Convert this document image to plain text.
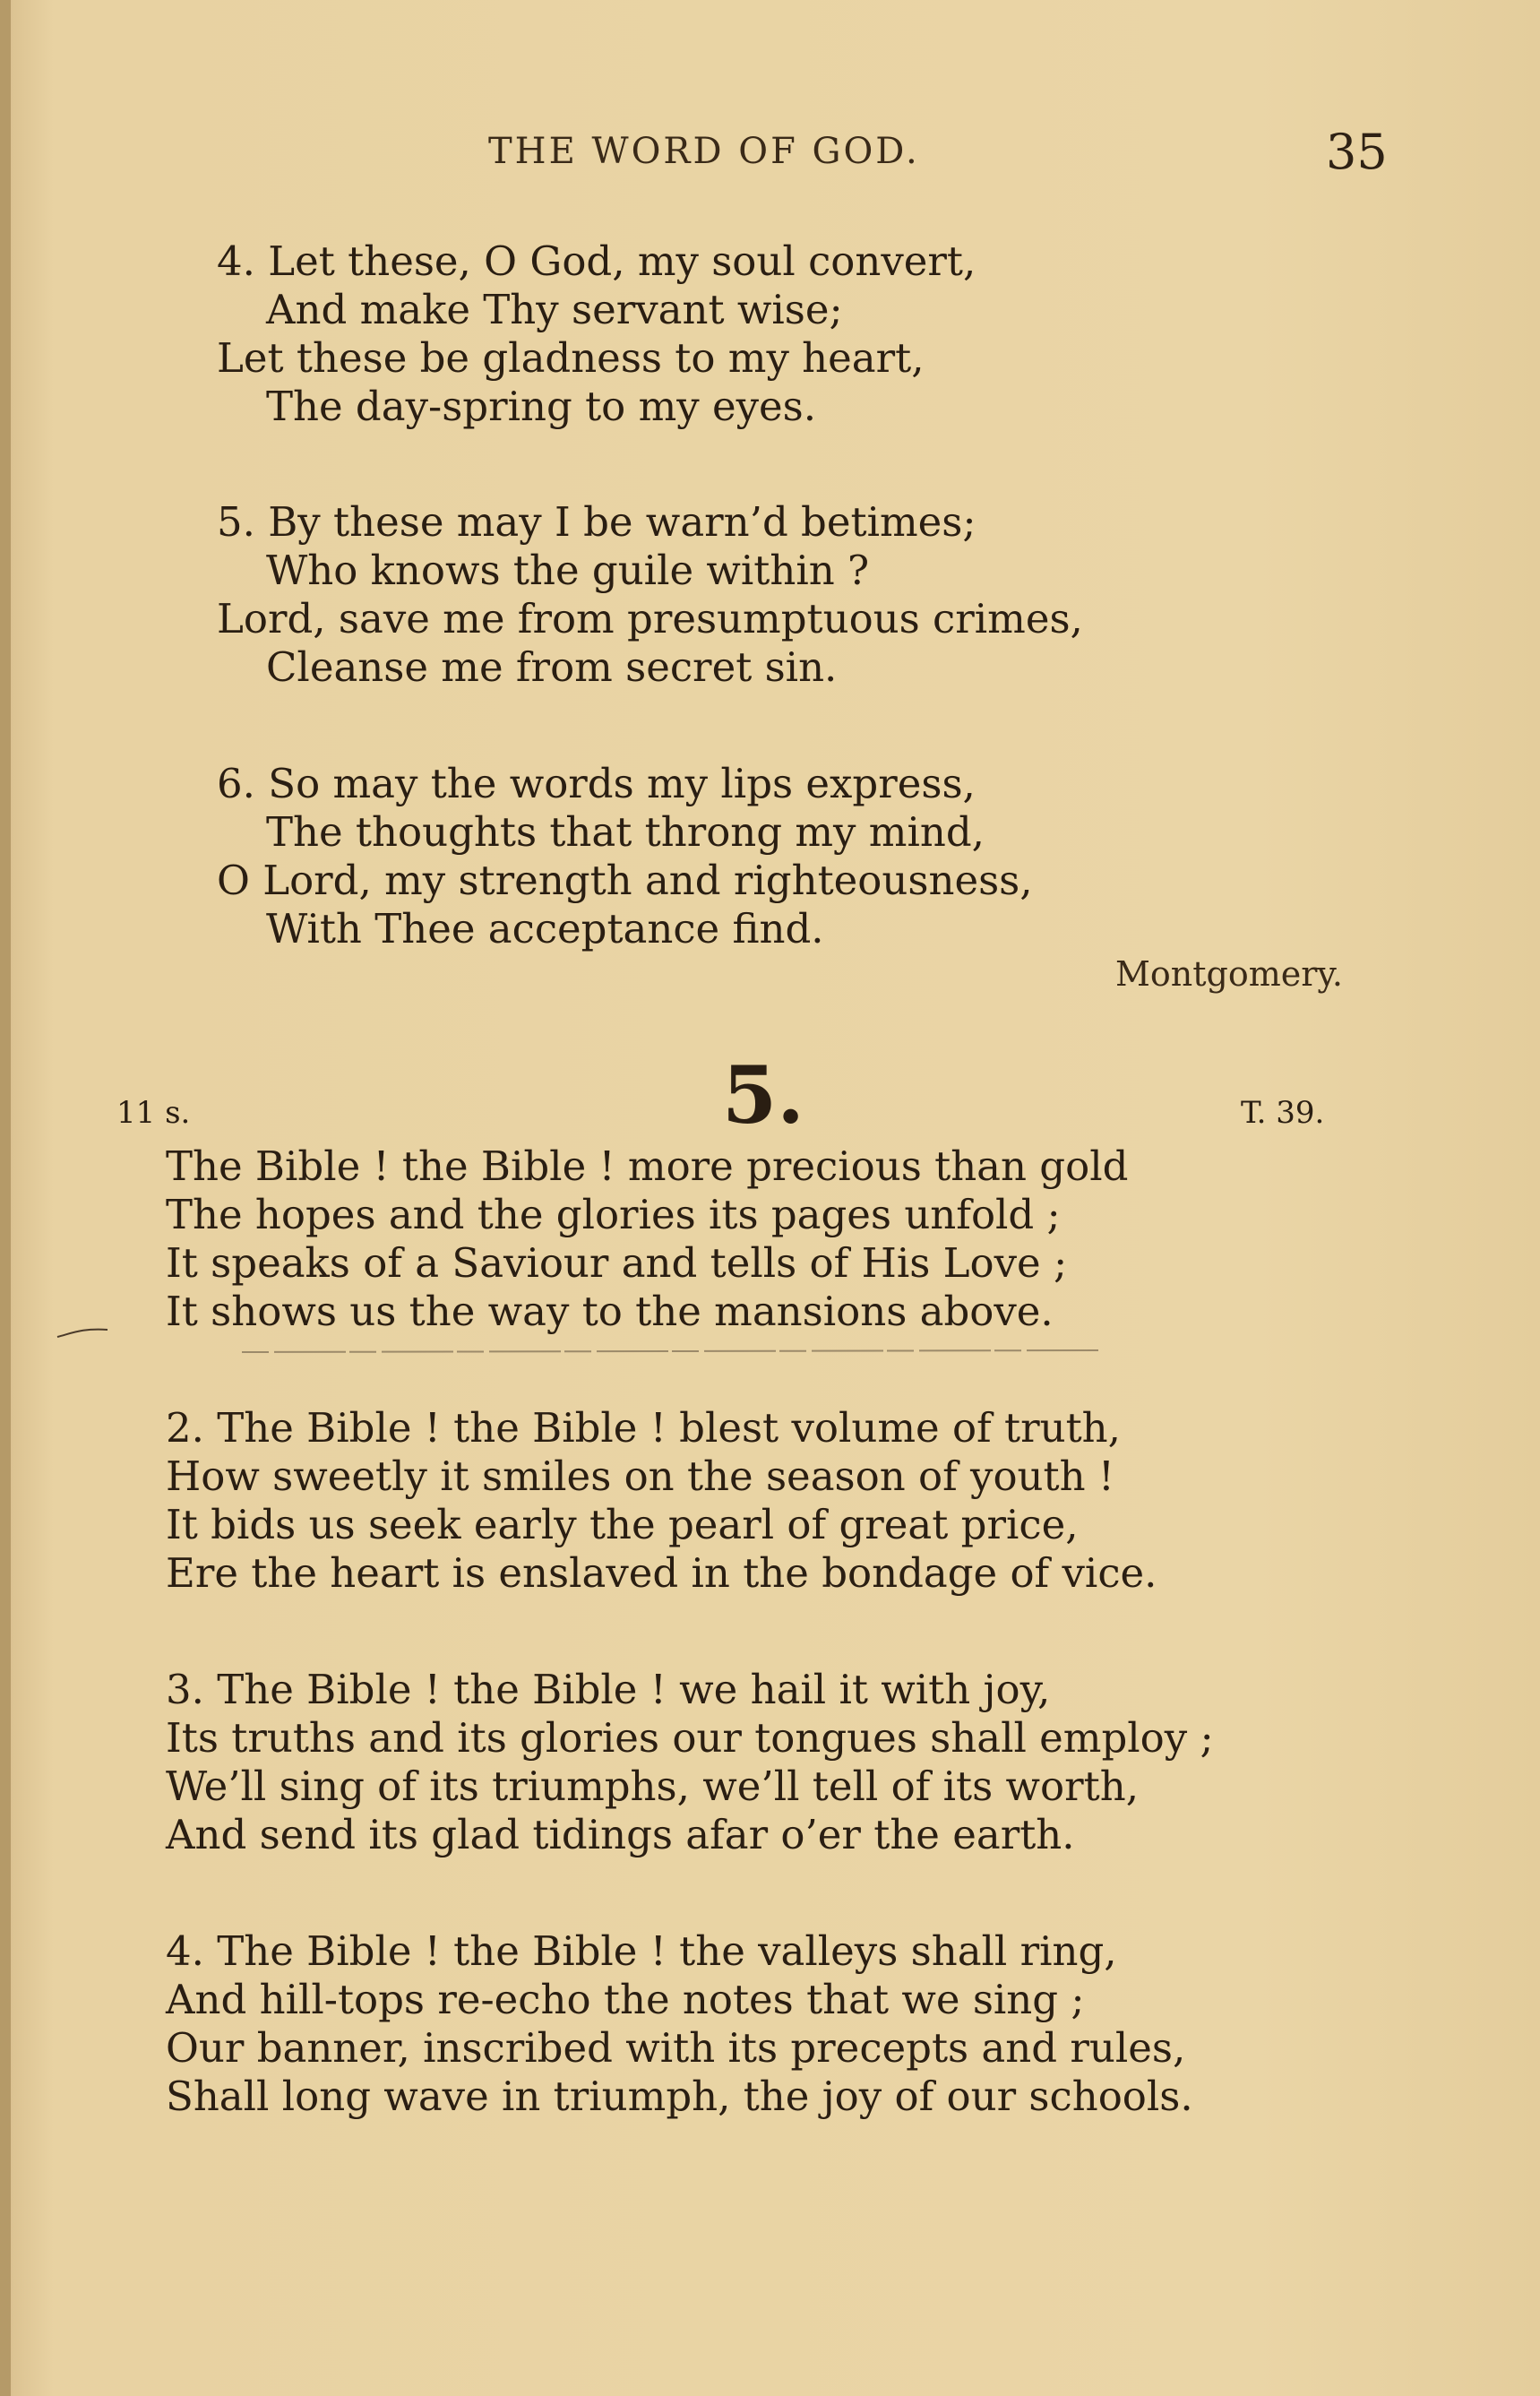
THE WORD OF GOD.	35
4. Let these, O God, my soul convert,
And make Thy servant wise;
Let these be gladness to my heart,
The day-spring to my eyes.
5. By these may I be warn’d betimes;
Who knows the guile within ?
Lord, save me from presumptuous crimes,
Cleanse me from secret sin.
6. So may the words my lips express,
The thoughts that throng my mind,
O Lord, my strength and righteousness,
With Thee acceptance find.
Montgomery.
11 s.	5.	T. 39.
The Bible ! the Bible ! more precious than gold
The hopes and the glories its pages unfold ;
It speaks of a Saviour and tells of His Love ;
It shows us the way to the mansions above.
2. The Bible ! the Bible ! blest volume of truth,
How sweetly it smiles on the season of youth !
It bids us seek early the pearl of great price,
Ere the heart is enslaved in the bondage of vice.
3. The Bible ! the Bible ! we hail it with joy,
Its truths and its glories our tongues shall employ ;
We’ll sing of its triumphs, we’ll tell of its worth,
And send its glad tidings afar o’er the earth.
4. The Bible ! the Bible ! the valleys shall ring,
And hill-tops re-echo the notes that we sing ;
Our banner, inscribed with its precepts and rules,
Shall long wave in triumph, the joy of our schools.
